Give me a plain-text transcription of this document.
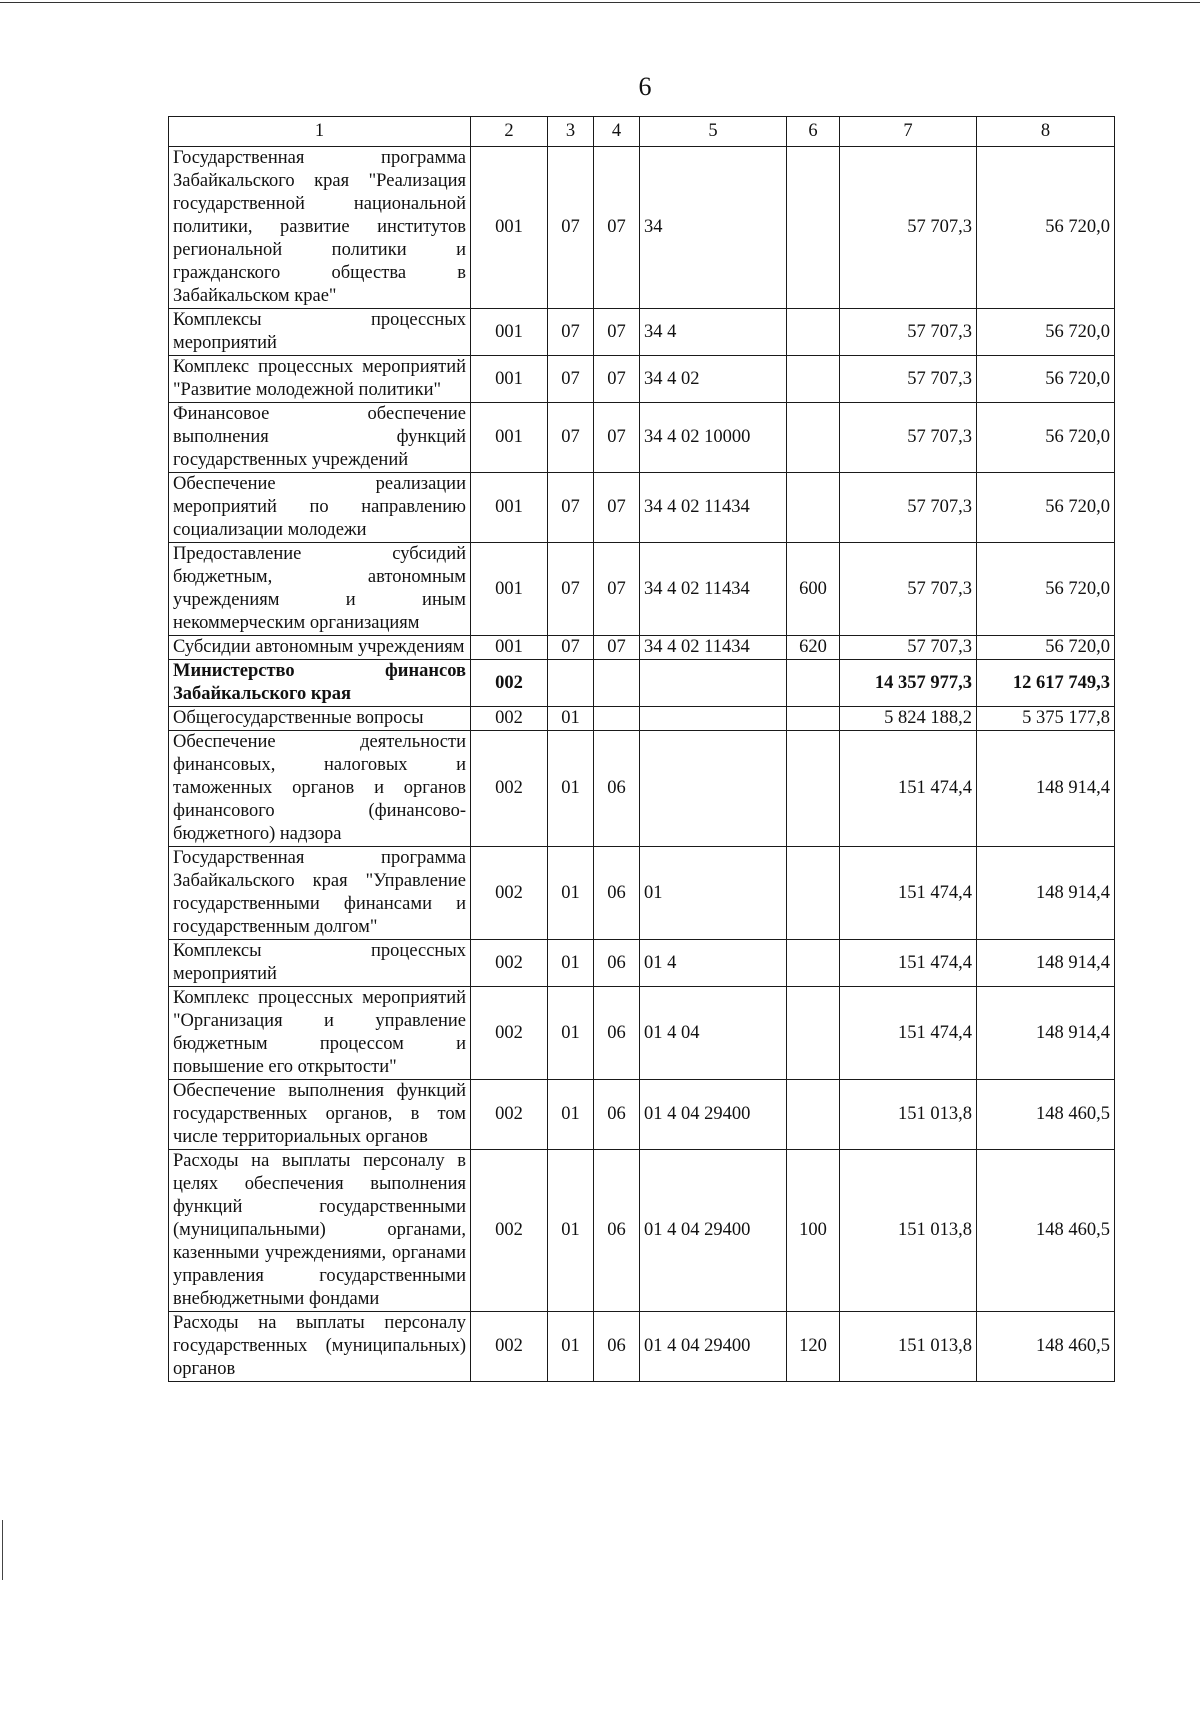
6
1	2	3	4	5	6	7	8
Государственная программа Забайкальского края "Реализация государственной национальной политики, развитие институтов региональной политики и гражданского общества в Забайкальском крае"	001	07	07	34		57 707,3	56 720,0
Комплексы процессных мероприятий	001	07	07	34 4		57 707,3	56 720,0
Комплекс процессных мероприятий "Развитие молодежной политики"	001	07	07	34 4 02		57 707,3	56 720,0
Финансовое обеспечение выполнения функций государственных учреждений	001	07	07	34 4 02 10000		57 707,3	56 720,0
Обеспечение реализации мероприятий по направлению социализации молодежи	001	07	07	34 4 02 11434		57 707,3	56 720,0
Предоставление субсидий бюджетным, автономным учреждениям и иным некоммерческим организациям	001	07	07	34 4 02 11434	600	57 707,3	56 720,0
Субсидии автономным учреждениям	001	07	07	34 4 02 11434	620	57 707,3	56 720,0
Министерство финансов Забайкальского края	002					14 357 977,3	12 617 749,3
Общегосударственные вопросы	002	01				5 824 188,2	5 375 177,8
Обеспечение деятельности финансовых, налоговых и таможенных органов и органов финансового (финансово-бюджетного) надзора	002	01	06			151 474,4	148 914,4
Государственная программа Забайкальского края "Управление государственными финансами и государственным долгом"	002	01	06	01		151 474,4	148 914,4
Комплексы процессных мероприятий	002	01	06	01 4		151 474,4	148 914,4
Комплекс процессных мероприятий "Организация и управление бюджетным процессом и повышение его открытости"	002	01	06	01 4 04		151 474,4	148 914,4
Обеспечение выполнения функций государственных органов, в том числе территориальных органов	002	01	06	01 4 04 29400		151 013,8	148 460,5
Расходы на выплаты персоналу в целях обеспечения выполнения функций государственными (муниципальными) органами, казенными учреждениями, органами управления государственными внебюджетными фондами	002	01	06	01 4 04 29400	100	151 013,8	148 460,5
Расходы на выплаты персоналу государственных (муниципальных) органов	002	01	06	01 4 04 29400	120	151 013,8	148 460,5
